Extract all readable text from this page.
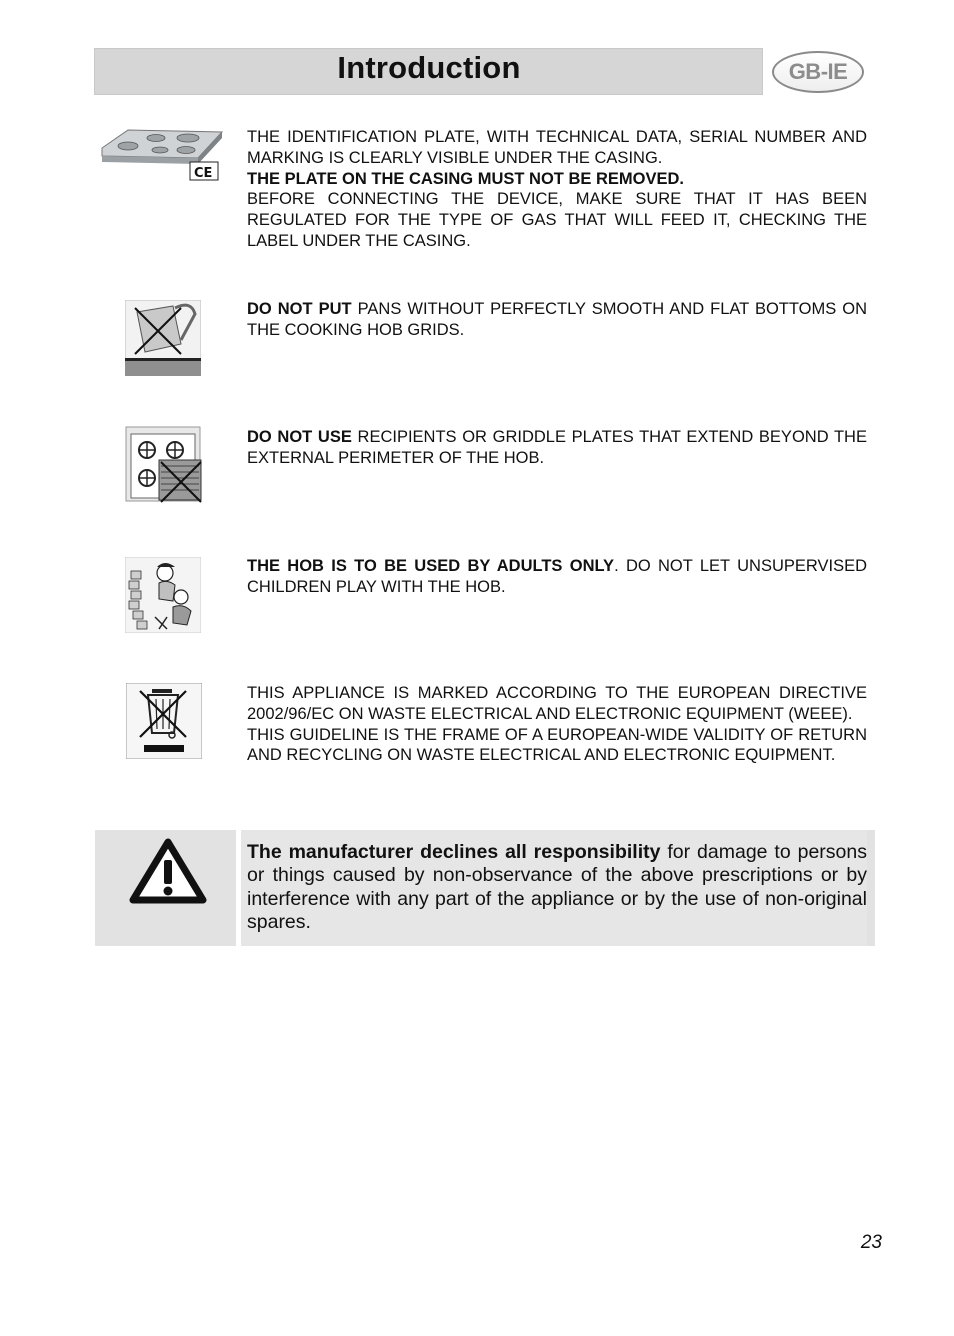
Introduction	GB-IE
CE

THE IDENTIFICATION PLATE, WITH TECHNICAL DATA, SERIAL NUMBER AND MARKING IS CLEARLY VISIBLE UNDER THE CASING.

THE PLATE ON THE CASING MUST NOT BE REMOVED.

BEFORE CONNECTING THE DEVICE, MAKE SURE THAT IT HAS BEEN REGULATED FOR THE TYPE OF GAS THAT WILL FEED IT, CHECKING THE LABEL UNDER THE CASING.

DO NOT PUT PANS WITHOUT PERFECTLY SMOOTH AND FLAT BOTTOMS ON THE COOKING HOB GRIDS.

DO NOT USE RECIPIENTS OR GRIDDLE PLATES THAT EXTEND BEYOND THE EXTERNAL PERIMETER OF THE HOB.

THE HOB IS TO BE USED BY ADULTS ONLY. DO NOT LET UNSUPERVISED CHILDREN PLAY WITH THE HOB.

THIS APPLIANCE IS MARKED ACCORDING TO THE EUROPEAN DIRECTIVE 2002/96/EC ON WASTE ELECTRICAL AND ELECTRONIC EQUIPMENT (WEEE).

THIS GUIDELINE IS THE FRAME OF A EUROPEAN-WIDE VALIDITY OF RETURN AND RECYCLING ON WASTE ELECTRICAL AND ELECTRONIC EQUIPMENT.

The manufacturer declines all responsibility for damage to persons or things caused by non-observance of the above prescriptions or by interference with any part of the appliance or by the use of non-original spares.
23
